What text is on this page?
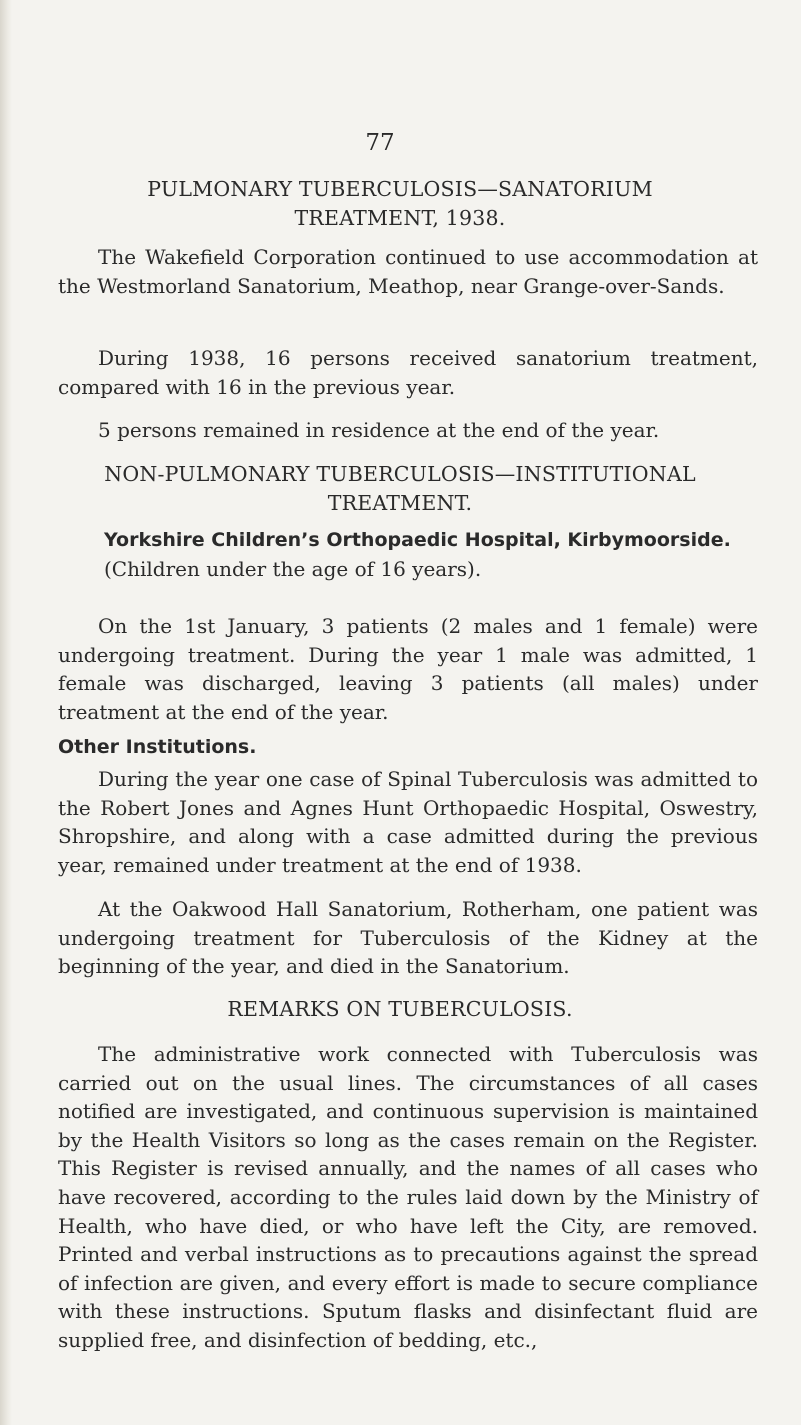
77
PULMONARY TUBERCULOSIS—SANATORIUM
TREATMENT, 1938.

The Wakefield Corporation continued to use accommodation at the Westmorland Sanatorium, Meathop, near Grange-over-Sands.

During 1938, 16 persons received sanatorium treatment, compared with 16 in the previous year.

5 persons remained in residence at the end of the year.

NON-PULMONARY TUBERCULOSIS—INSTITUTIONAL
TREATMENT.
Yorkshire Children’s Orthopaedic Hospital, Kirbymoorside.
(Children under the age of 16 years).

On the 1st January, 3 patients (2 males and 1 female) were undergoing treatment. During the year 1 male was admitted, 1 female was discharged, leaving 3 patients (all males) under treatment at the end of the year.

Other Institutions.

During the year one case of Spinal Tuberculosis was admitted to the Robert Jones and Agnes Hunt Orthopaedic Hospital, Oswestry, Shropshire, and along with a case admitted during the previous year, remained under treatment at the end of 1938.

At the Oakwood Hall Sanatorium, Rotherham, one patient was undergoing treatment for Tuberculosis of the Kidney at the beginning of the year, and died in the Sanatorium.

REMARKS ON TUBERCULOSIS.

The administrative work connected with Tuberculosis was carried out on the usual lines. The circumstances of all cases notified are investigated, and continuous supervision is maintained by the Health Visitors so long as the cases remain on the Register. This Register is revised annually, and the names of all cases who have recovered, according to the rules laid down by the Ministry of Health, who have died, or who have left the City, are removed. Printed and verbal instructions as to precautions against the spread of infection are given, and every effort is made to secure compliance with these instructions. Sputum flasks and disinfectant fluid are supplied free, and disinfection of bedding, etc.,
